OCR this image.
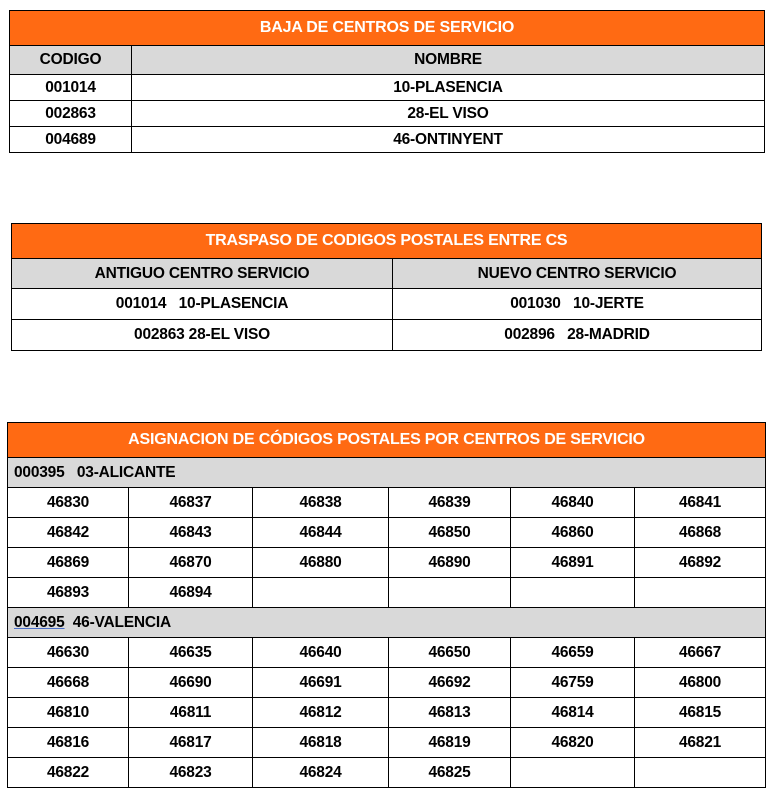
BAJA DE CENTROS DE SERVICIO	
CODIGO	NOMBRE
001014	10-PLASENCIA
002863	28-EL VISO
004689	46-ONTINYENT
TRASPASO DE CODIGOS POSTALES ENTRE CS	
ANTIGUO CENTRO SERVICIO	NUEVO CENTRO SERVICIO
001014   10-PLASENCIA	001030   10-JERTE
002863 28-EL VISO	002896   28-MADRID
ASIGNACION DE CÓDIGOS POSTALES POR CENTROS DE SERVICIO					
000395   03-ALICANTE					
46830	46837	46838	46839	46840	46841
46842	46843	46844	46850	46860	46868
46869	46870	46880	46890	46891	46892
46893	46894				
004695  46-VALENCIA					
46630	46635	46640	46650	46659	46667
46668	46690	46691	46692	46759	46800
46810	46811	46812	46813	46814	46815
46816	46817	46818	46819	46820	46821
46822	46823	46824	46825		
